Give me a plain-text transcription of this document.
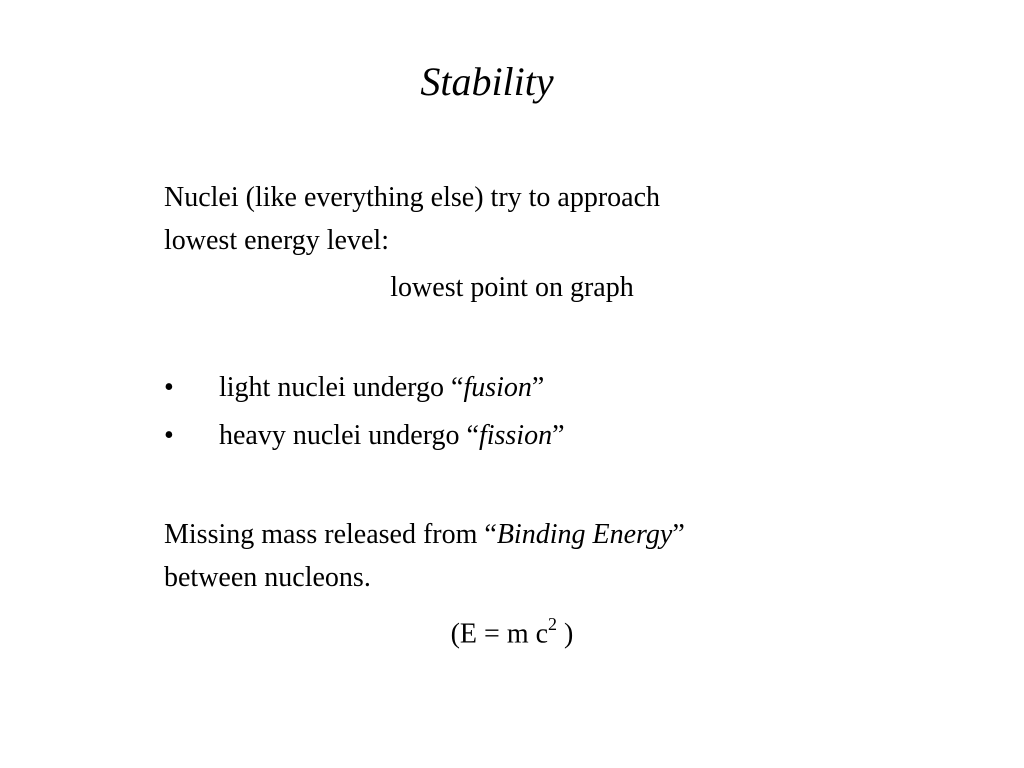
Stability
Nuclei (like everything else) try to approach
lowest energy level:
lowest point on graph
• light nuclei undergo “fusion”
• heavy nuclei undergo “fission”
Missing mass released from “Binding Energy”
between nucleons.
(E = m $c^2$ )
